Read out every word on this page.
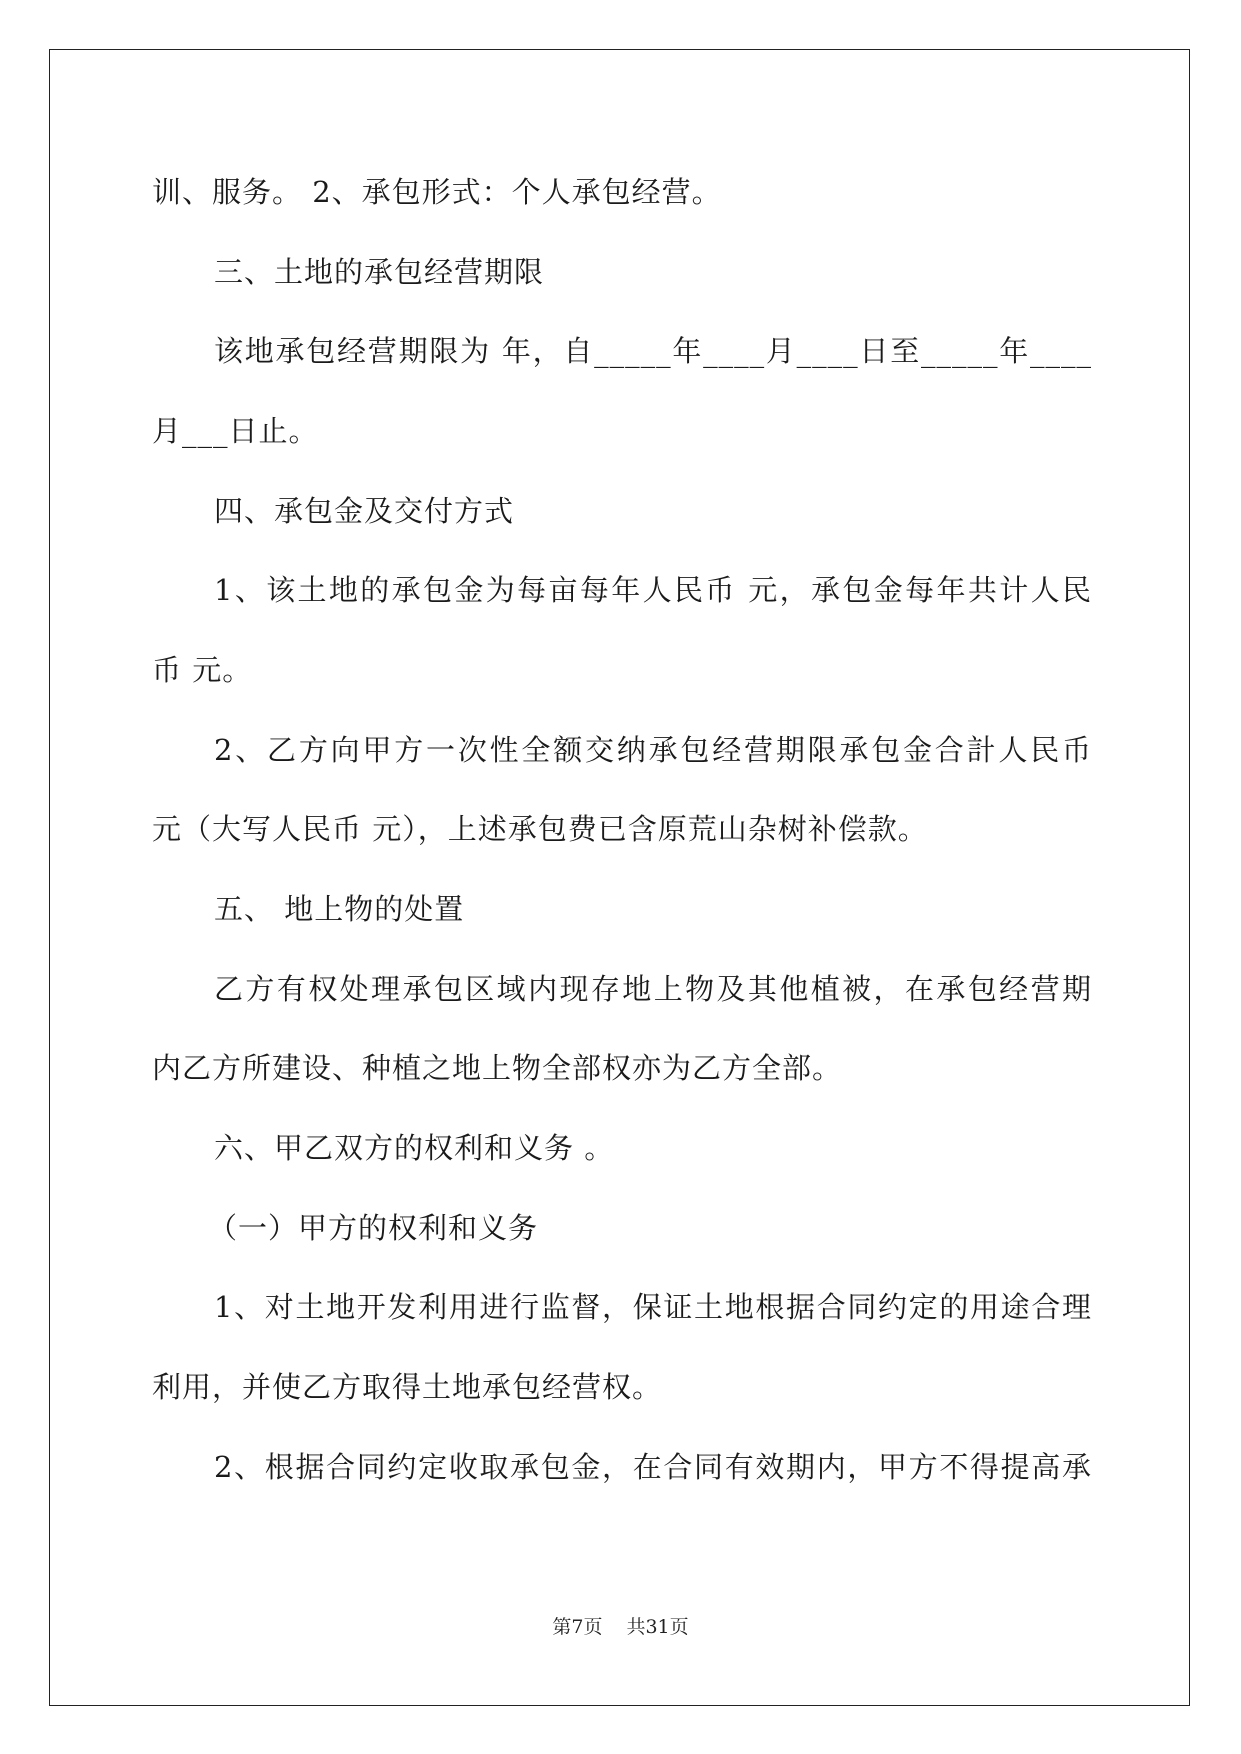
训、服务。 2、承包形式：个人承包经营。
三、土地的承包经营期限
该地承包经营期限为 年，自_____年____月____日至_____年____
月___日止。
四、承包金及交付方式
1、该土地的承包金为每亩每年人民币 元，承包金每年共计人民
币 元。
2、乙方向甲方一次性全额交纳承包经营期限承包金合計人民币
元（大写人民币 元），上述承包费已含原荒山杂树补偿款。
五、 地上物的处置
乙方有权处理承包区域内现存地上物及其他植被，在承包经营期
内乙方所建设、种植之地上物全部权亦为乙方全部。
六、甲乙双方的权利和义务 。
（一）甲方的权利和义务
1、对土地开发利用进行监督，保证土地根据合同约定的用途合理
利用，并使乙方取得土地承包经营权。
2、根据合同约定收取承包金，在合同有效期内，甲方不得提高承
第7页 共31页
